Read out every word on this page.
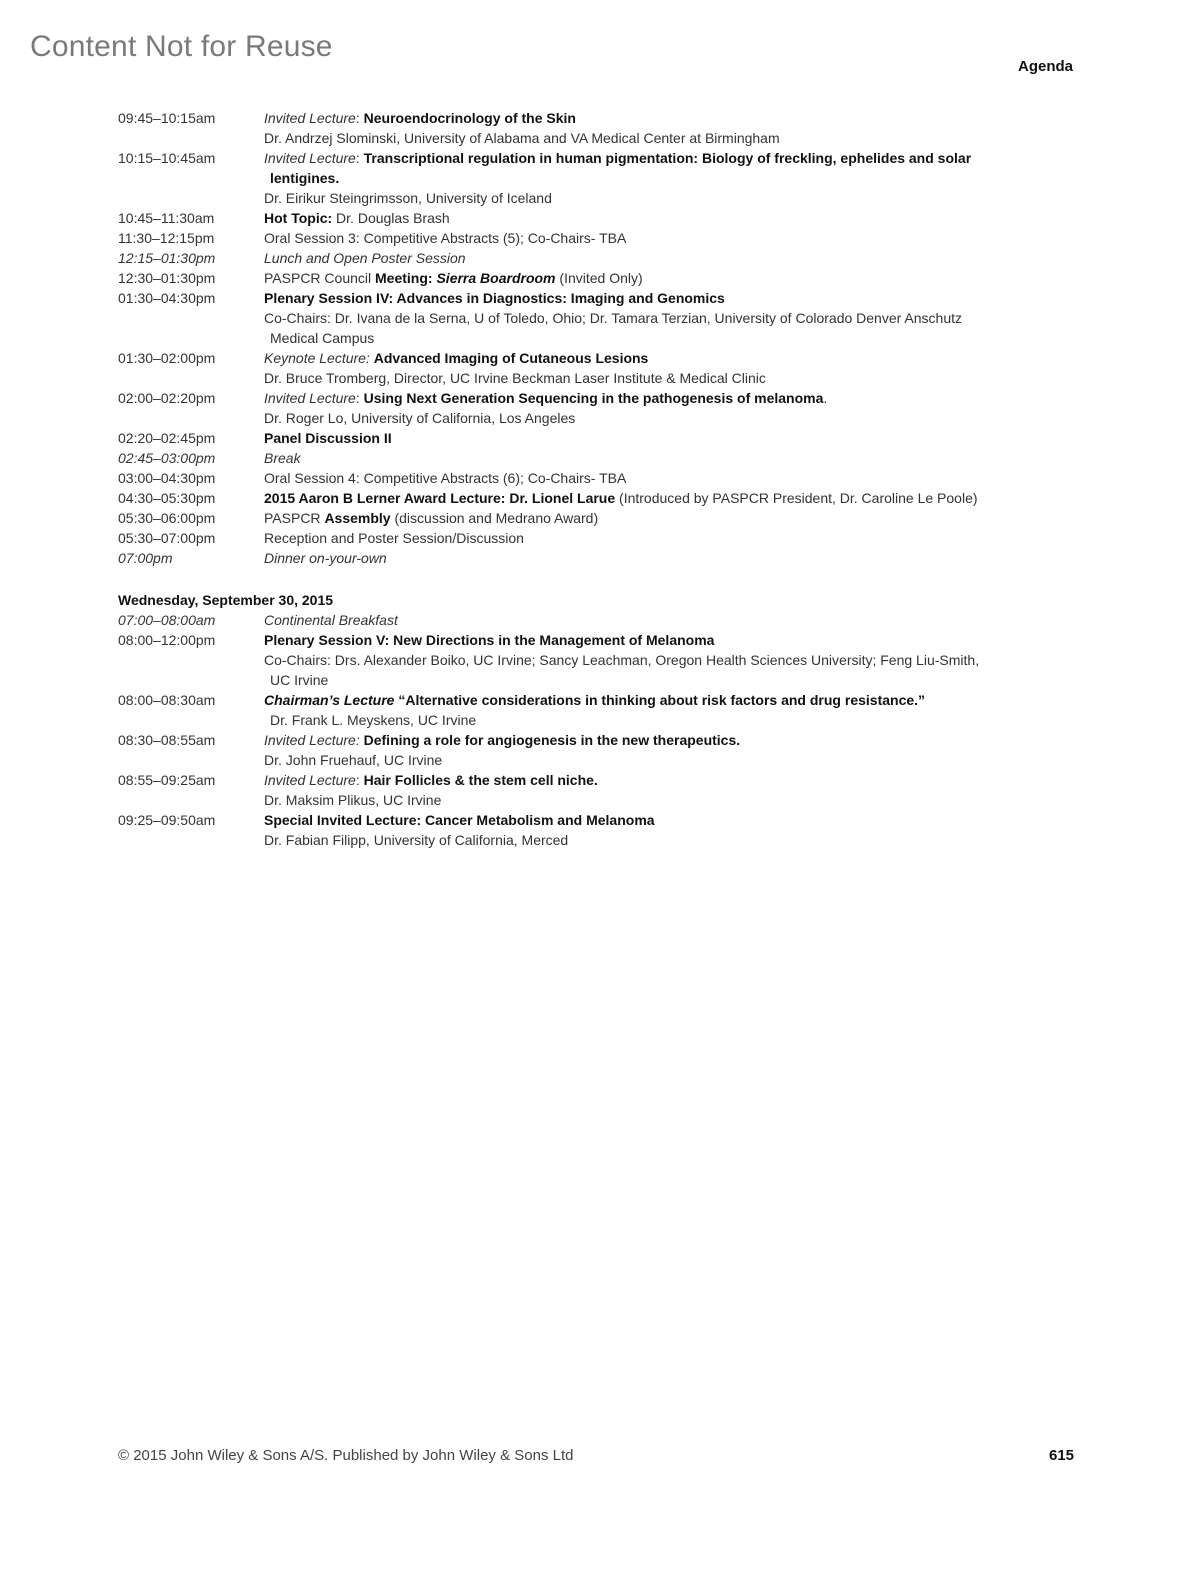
Content Not for Reuse
Agenda
09:45–10:15am	Invited Lecture: Neuroendocrinology of the Skin
Dr. Andrzej Slominski, University of Alabama and VA Medical Center at Birmingham
10:15–10:45am	Invited Lecture: Transcriptional regulation in human pigmentation: Biology of freckling, ephelides and solar
lentigines.
Dr. Eirikur Steingrimsson, University of Iceland
10:45–11:30am	Hot Topic: Dr. Douglas Brash
11:30–12:15pm	Oral Session 3: Competitive Abstracts (5); Co-Chairs- TBA
12:15–01:30pm	Lunch and Open Poster Session
12:30–01:30pm	PASPCR Council Meeting: Sierra Boardroom (Invited Only)
01:30–04:30pm	Plenary Session IV: Advances in Diagnostics: Imaging and Genomics
Co-Chairs: Dr. Ivana de la Serna, U of Toledo, Ohio; Dr. Tamara Terzian, University of Colorado Denver Anschutz
Medical Campus
01:30–02:00pm	Keynote Lecture: Advanced Imaging of Cutaneous Lesions
Dr. Bruce Tromberg, Director, UC Irvine Beckman Laser Institute & Medical Clinic
02:00–02:20pm	Invited Lecture: Using Next Generation Sequencing in the pathogenesis of melanoma.
Dr. Roger Lo, University of California, Los Angeles
02:20–02:45pm	Panel Discussion II
02:45–03:00pm	Break
03:00–04:30pm	Oral Session 4: Competitive Abstracts (6); Co-Chairs- TBA
04:30–05:30pm	2015 Aaron B Lerner Award Lecture: Dr. Lionel Larue (Introduced by PASPCR President, Dr. Caroline Le Poole)
05:30–06:00pm	PASPCR Assembly (discussion and Medrano Award)
05:30–07:00pm	Reception and Poster Session/Discussion
07:00pm	Dinner on-your-own
Wednesday, September 30, 2015
07:00–08:00am	Continental Breakfast
08:00–12:00pm	Plenary Session V: New Directions in the Management of Melanoma
Co-Chairs: Drs. Alexander Boiko, UC Irvine; Sancy Leachman, Oregon Health Sciences University; Feng Liu-Smith,
UC Irvine
08:00–08:30am	Chairman’s Lecture “Alternative considerations in thinking about risk factors and drug resistance.”
Dr. Frank L. Meyskens, UC Irvine
08:30–08:55am	Invited Lecture: Defining a role for angiogenesis in the new therapeutics.
Dr. John Fruehauf, UC Irvine
08:55–09:25am	Invited Lecture: Hair Follicles & the stem cell niche.
Dr. Maksim Plikus, UC Irvine
09:25–09:50am	Special Invited Lecture: Cancer Metabolism and Melanoma
Dr. Fabian Filipp, University of California, Merced
© 2015 John Wiley & Sons A/S. Published by John Wiley & Sons Ltd	615
